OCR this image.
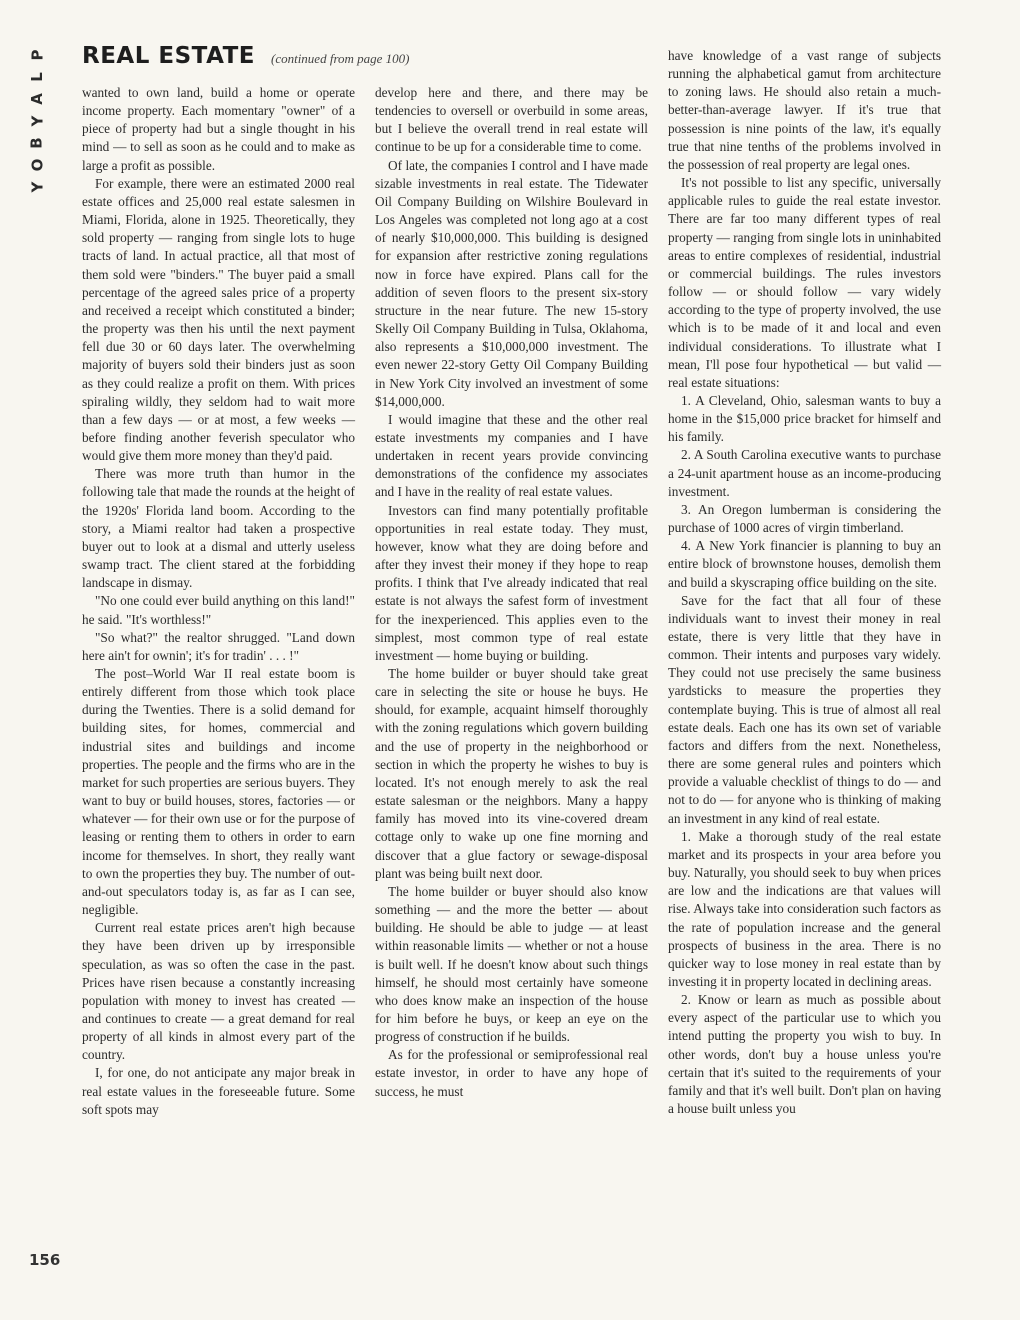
P
L
A
Y
B
O
Y
REAL ESTATE (continued from page 100)

wanted to own land, build a home or operate income property. Each momentary "owner" of a piece of property had but a single thought in his mind — to sell as soon as he could and to make as large a profit as possible.

For example, there were an estimated 2000 real estate offices and 25,000 real estate salesmen in Miami, Florida, alone in 1925. Theoretically, they sold property — ranging from single lots to huge tracts of land. In actual practice, all that most of them sold were "binders." The buyer paid a small percentage of the agreed sales price of a property and received a receipt which constituted a binder; the property was then his until the next payment fell due 30 or 60 days later. The overwhelming majority of buyers sold their binders just as soon as they could realize a profit on them. With prices spiraling wildly, they seldom had to wait more than a few days — or at most, a few weeks — before finding another feverish speculator who would give them more money than they'd paid.

There was more truth than humor in the following tale that made the rounds at the height of the 1920s' Florida land boom. According to the story, a Miami realtor had taken a prospective buyer out to look at a dismal and utterly useless swamp tract. The client stared at the forbidding landscape in dismay.

"No one could ever build anything on this land!" he said. "It's worthless!"

"So what?" the realtor shrugged. "Land down here ain't for ownin'; it's for tradin' . . . !"

The post–World War II real estate boom is entirely different from those which took place during the Twenties. There is a solid demand for building sites, for homes, commercial and industrial sites and buildings and income properties. The people and the firms who are in the market for such properties are serious buyers. They want to buy or build houses, stores, factories — or whatever — for their own use or for the purpose of leasing or renting them to others in order to earn income for themselves. In short, they really want to own the properties they buy. The number of out-and-out speculators today is, as far as I can see, negligible.

Current real estate prices aren't high because they have been driven up by irresponsible speculation, as was so often the case in the past. Prices have risen because a constantly increasing population with money to invest has created — and continues to create — a great demand for real property of all kinds in almost every part of the country.

I, for one, do not anticipate any major break in real estate values in the foreseeable future. Some soft spots may

develop here and there, and there may be tendencies to oversell or overbuild in some areas, but I believe the overall trend in real estate will continue to be up for a considerable time to come.

Of late, the companies I control and I have made sizable investments in real estate. The Tidewater Oil Company Building on Wilshire Boulevard in Los Angeles was completed not long ago at a cost of nearly $10,000,000. This building is designed for expansion after restrictive zoning regulations now in force have expired. Plans call for the addition of seven floors to the present six-story structure in the near future. The new 15-story Skelly Oil Company Building in Tulsa, Oklahoma, also represents a $10,000,000 investment. The even newer 22-story Getty Oil Company Building in New York City involved an investment of some $14,000,000.

I would imagine that these and the other real estate investments my companies and I have undertaken in recent years provide convincing demonstrations of the confidence my associates and I have in the reality of real estate values.

Investors can find many potentially profitable opportunities in real estate today. They must, however, know what they are doing before and after they invest their money if they hope to reap profits. I think that I've already indicated that real estate is not always the safest form of investment for the inexperienced. This applies even to the simplest, most common type of real estate investment — home buying or building.

The home builder or buyer should take great care in selecting the site or house he buys. He should, for example, acquaint himself thoroughly with the zoning regulations which govern building and the use of property in the neighborhood or section in which the property he wishes to buy is located. It's not enough merely to ask the real estate salesman or the neighbors. Many a happy family has moved into its vine-covered dream cottage only to wake up one fine morning and discover that a glue factory or sewage-disposal plant was being built next door.

The home builder or buyer should also know something — and the more the better — about building. He should be able to judge — at least within reasonable limits — whether or not a house is built well. If he doesn't know about such things himself, he should most certainly have someone who does know make an inspection of the house for him before he buys, or keep an eye on the progress of construction if he builds.

As for the professional or semiprofessional real estate investor, in order to have any hope of success, he must

have knowledge of a vast range of subjects running the alphabetical gamut from architecture to zoning laws. He should also retain a much-better-than-average lawyer. If it's true that possession is nine points of the law, it's equally true that nine tenths of the problems involved in the possession of real property are legal ones.

It's not possible to list any specific, universally applicable rules to guide the real estate investor. There are far too many different types of real property — ranging from single lots in uninhabited areas to entire complexes of residential, industrial or commercial buildings. The rules investors follow — or should follow — vary widely according to the type of property involved, the use which is to be made of it and local and even individual considerations. To illustrate what I mean, I'll pose four hypothetical — but valid — real estate situations:

1. A Cleveland, Ohio, salesman wants to buy a home in the $15,000 price bracket for himself and his family.

2. A South Carolina executive wants to purchase a 24-unit apartment house as an income-producing investment.

3. An Oregon lumberman is considering the purchase of 1000 acres of virgin timberland.

4. A New York financier is planning to buy an entire block of brownstone houses, demolish them and build a skyscraping office building on the site.

Save for the fact that all four of these individuals want to invest their money in real estate, there is very little that they have in common. Their intents and purposes vary widely. They could not use precisely the same business yardsticks to measure the properties they contemplate buying. This is true of almost all real estate deals. Each one has its own set of variable factors and differs from the next. Nonetheless, there are some general rules and pointers which provide a valuable checklist of things to do — and not to do — for anyone who is thinking of making an investment in any kind of real estate.

1. Make a thorough study of the real estate market and its prospects in your area before you buy. Naturally, you should seek to buy when prices are low and the indications are that values will rise. Always take into consideration such factors as the rate of population increase and the general prospects of business in the area. There is no quicker way to lose money in real estate than by investing it in property located in declining areas.

2. Know or learn as much as possible about every aspect of the particular use to which you intend putting the property you wish to buy. In other words, don't buy a house unless you're certain that it's suited to the requirements of your family and that it's well built. Don't plan on having a house built unless you

156
